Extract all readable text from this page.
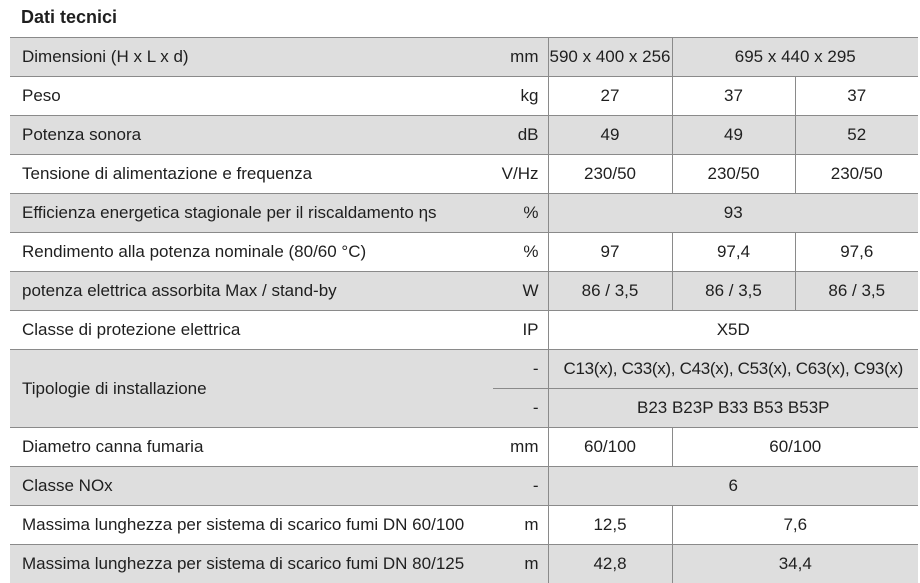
Dati tecnici
Dimensioni (H x L x d)	mm	590 x 400 x 256	695 x 440 x 295	
Peso	kg	27	37	37
Potenza sonora	dB	49	49	52
Tensione di alimentazione e frequenza	V/Hz	230/50	230/50	230/50
Efficienza energetica stagionale per il riscaldamento ηs	%	93		
Rendimento alla potenza nominale (80/60 °C)	%	97	97,4	97,6
potenza elettrica assorbita Max / stand-by	W	86 / 3,5	86 / 3,5	86 / 3,5
Classe di protezione elettrica	IP	X5D		
Tipologie di installazione	-	C13(x), C33(x), C43(x), C53(x), C63(x), C93(x)		
	-	B23 B23P B33 B53 B53P		
Diametro canna fumaria	mm	60/100	60/100	
Classe NOx	-	6		
Massima lunghezza per sistema di scarico fumi DN 60/100	m	12,5	7,6	
Massima lunghezza per sistema di scarico fumi DN 80/125	m	42,8	34,4	
